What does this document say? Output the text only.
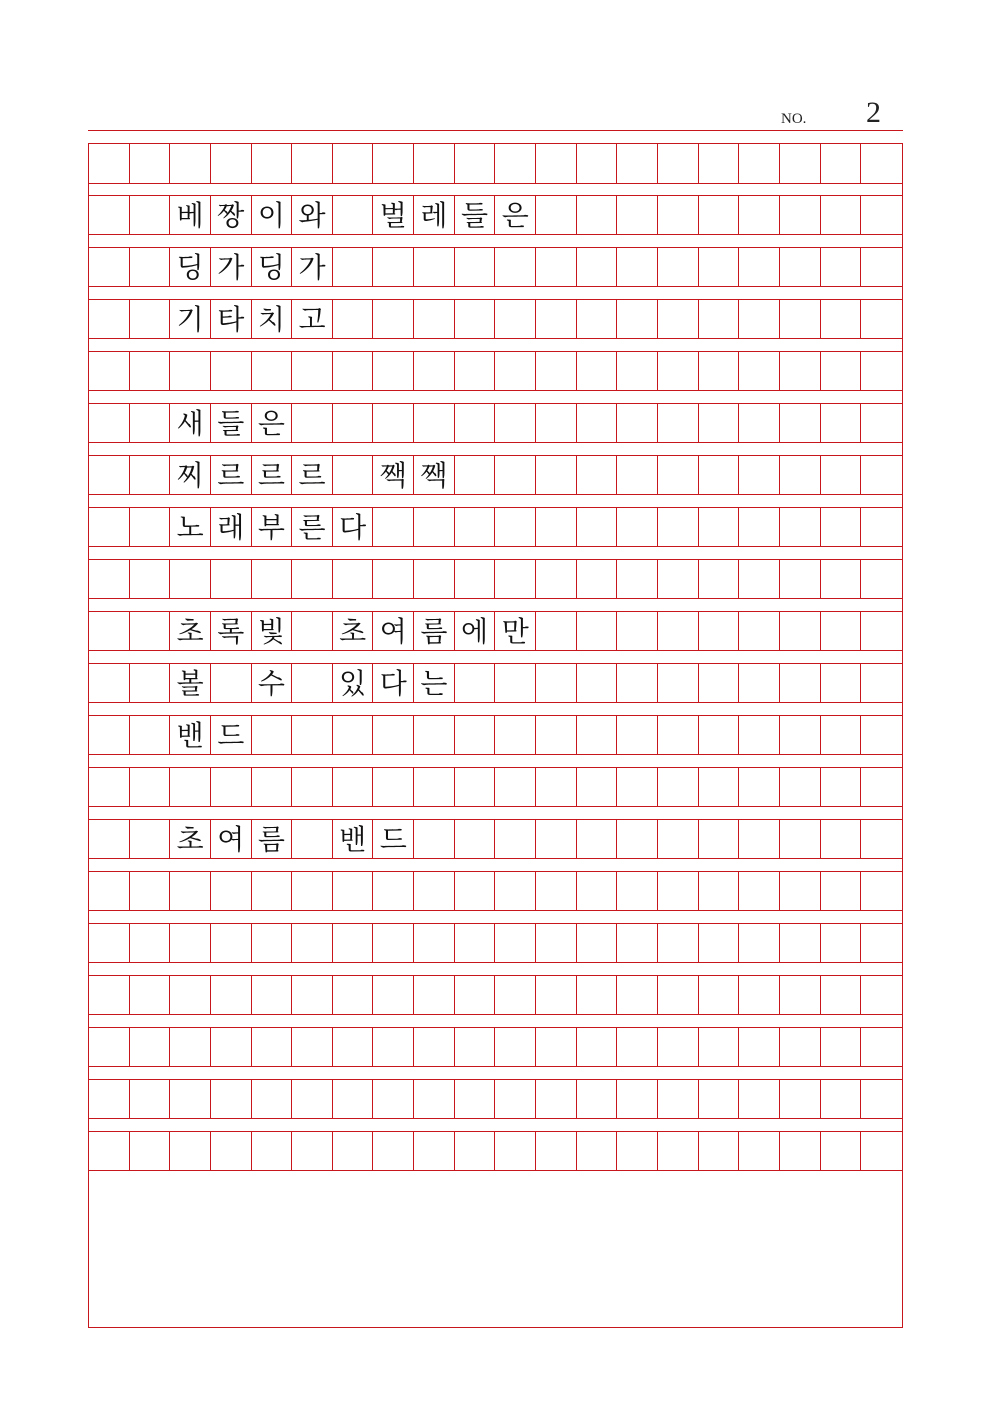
NO. 2
베 짱 이 와 벌 레 들 은
딩 가 딩 가
기 타 치 고
새 들 은
찌 르 르 르 짹 짹
노 래 부 른 다
초 록 빛 초 여 름 에 만
볼 수 있 다 는
밴 드
초 여 름 밴 드
